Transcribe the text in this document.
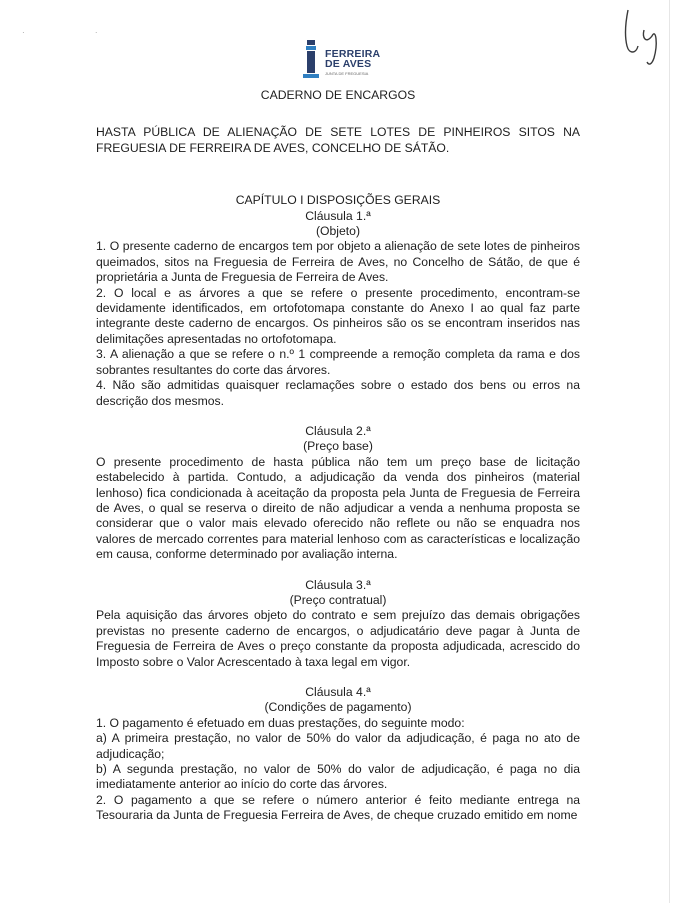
· ·
FERREIRA
DE AVES
JUNTA DE FREGUESIA
CADERNO DE ENCARGOS

HASTA PÚBLICA DE ALIENAÇÃO DE SETE LOTES DE PINHEIROS SITOS NA FREGUESIA DE FERREIRA DE AVES, CONCELHO DE SÁTÃO.

CAPÍTULO I DISPOSIÇÕES GERAIS
Cláusula 1.ª
(Objeto)

1. O presente caderno de encargos tem por objeto a alienação de sete lotes de pinheiros queimados, sitos na Freguesia de Ferreira de Aves, no Concelho de Sátão, de que é proprietária a Junta de Freguesia de Ferreira de Aves.

2. O local e as árvores a que se refere o presente procedimento, encontram-se devidamente identificados, em ortofotomapa constante do Anexo I ao qual faz parte integrante deste caderno de encargos. Os pinheiros são os se encontram inseridos nas delimitações apresentadas no ortofotomapa.

3. A alienação a que se refere o n.º 1 compreende a remoção completa da rama e dos sobrantes resultantes do corte das árvores.

4. Não são admitidas quaisquer reclamações sobre o estado dos bens ou erros na descrição dos mesmos.

Cláusula 2.ª
(Preço base)

O presente procedimento de hasta pública não tem um preço base de licitação estabelecido à partida. Contudo, a adjudicação da venda dos pinheiros (material lenhoso) fica condicionada à aceitação da proposta pela Junta de Freguesia de Ferreira de Aves, o qual se reserva o direito de não adjudicar a venda a nenhuma proposta se considerar que o valor mais elevado oferecido não reflete ou não se enquadra nos valores de mercado correntes para material lenhoso com as características e localização em causa, conforme determinado por avaliação interna.

Cláusula 3.ª
(Preço contratual)

Pela aquisição das árvores objeto do contrato e sem prejuízo das demais obrigações previstas no presente caderno de encargos, o adjudicatário deve pagar à Junta de Freguesia de Ferreira de Aves o preço constante da proposta adjudicada, acrescido do Imposto sobre o Valor Acrescentado à taxa legal em vigor.

Cláusula 4.ª
(Condições de pagamento)

1. O pagamento é efetuado em duas prestações, do seguinte modo:

a) A primeira prestação, no valor de 50% do valor da adjudicação, é paga no ato de adjudicação;

b) A segunda prestação, no valor de 50% do valor de adjudicação, é paga no dia imediatamente anterior ao início do corte das árvores.

2. O pagamento a que se refere o número anterior é feito mediante entrega na Tesouraria da Junta de Freguesia Ferreira de Aves, de cheque cruzado emitido em nome
